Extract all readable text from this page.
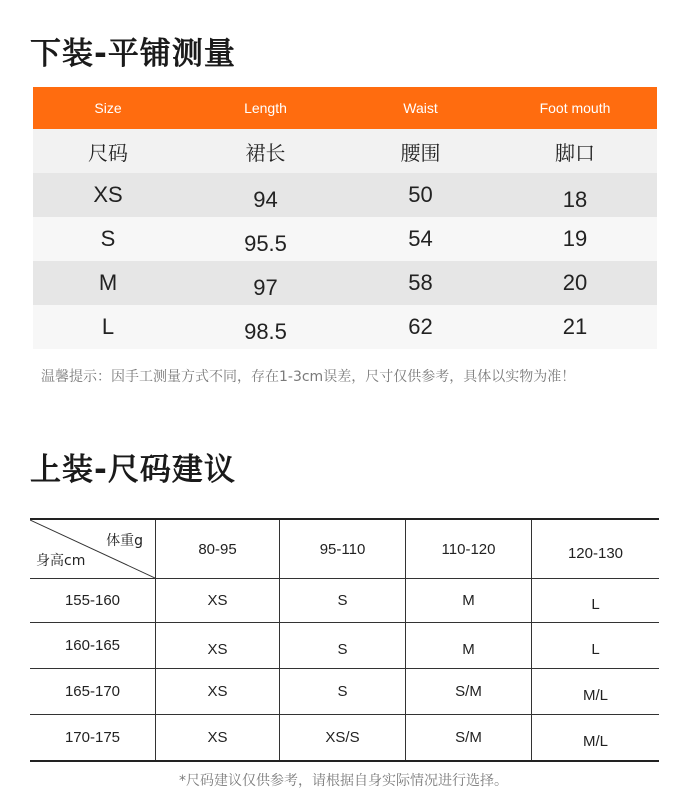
下装-平铺测量
Size	Length	Waist	Foot mouth
尺码	裙长	腰围	脚口
XS	94	50	18
S	95.5	54	19
M	97	58	20
L	98.5	62	21

温馨提示：因手工测量方式不同，存在1-3cm误差，尺寸仅供参考，具体以实物为准！

上装-尺码建议
体重g
身高cm	80-95	95-110	110-120	120-130
155-160	XS	S	M	L
160-165	XS	S	M	L
165-170	XS	S	S/M	M/L
170-175	XS	XS/S	S/M	M/L

*尺码建议仅供参考，请根据自身实际情况进行选择。
